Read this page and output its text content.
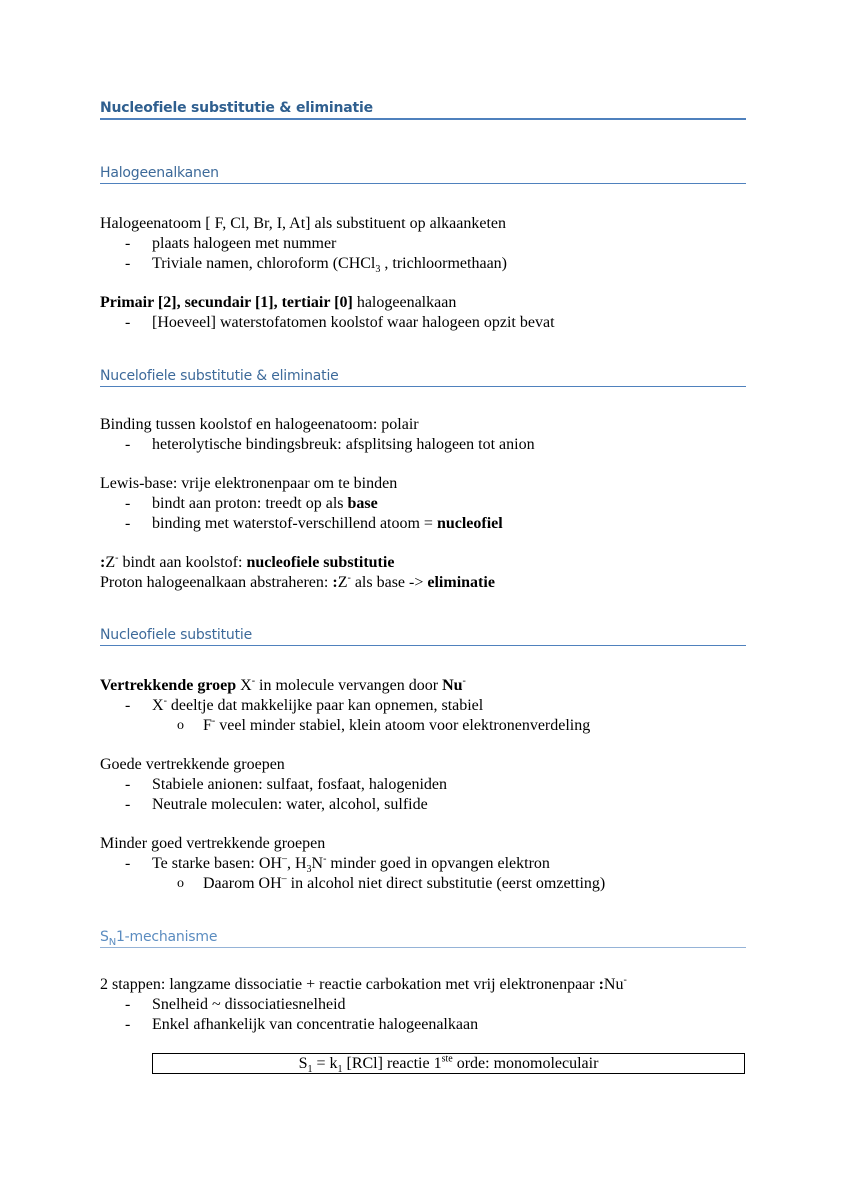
Nucleofiele substitutie & eliminatie
Halogeenalkanen
Halogeenatoom [ F, Cl, Br, I, At] als substituent op alkaanketen
- plaats halogeen met nummer
- Triviale namen, chloroform (CHCl$_3$ , trichloormethaan)
Primair [2], secundair [1], tertiair [0] halogeenalkaan
- [Hoeveel] waterstofatomen koolstof waar halogeen opzit bevat
Nucelofiele substitutie & eliminatie
Binding tussen koolstof en halogeenatoom: polair
- heterolytische bindingsbreuk: afsplitsing halogeen tot anion
Lewis-base: vrije elektronenpaar om te binden
- bindt aan proton: treedt op als base
- binding met waterstof-verschillend atoom = nucleofiel
:Z- bindt aan koolstof: nucleofiele substitutie
Proton halogeenalkaan abstraheren: :Z- als base -> eliminatie
Nucleofiele substitutie
Vertrekkende groep X- in molecule vervangen door Nu-
- X- deeltje dat makkelijke paar kan opnemen, stabiel
o F- veel minder stabiel, klein atoom voor elektronenverdeling
Goede vertrekkende groepen
- Stabiele anionen: sulfaat, fosfaat, halogeniden
- Neutrale moleculen: water, alcohol, sulfide
Minder goed vertrekkende groepen
- Te starke basen: OH–, $H_3N^-$ minder goed in opvangen elektron
o Daarom OH– in alcohol niet direct substitutie (eerst omzetting)
$S_N1$-mechanisme
2 stappen: langzame dissociatie + reactie carbokation met vrij elektronenpaar :Nu-
- Snelheid ~ dissociatiesnelheid
- Enkel afhankelijk van concentratie halogeenalkaan
$S_1 = k_1$ [RCl] reactie 1ste orde: monomoleculair
